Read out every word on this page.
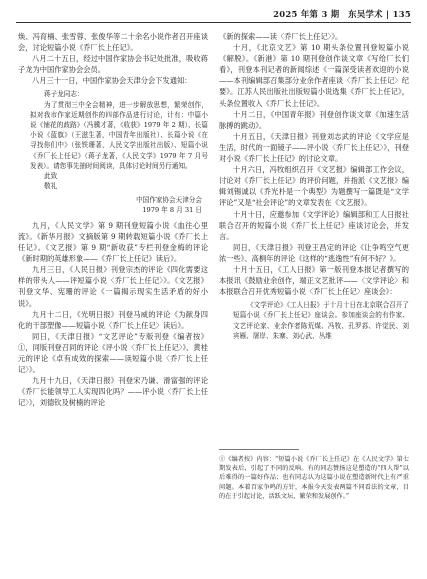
2025 年第 3 期　东吴学术 | 135

焕、冯育楠、张雪蓉、张俊华等二十余名小说作者召开座谈会，讨论短篇小说《乔厂长上任记》。

八月二十五日，经过中国作家协会书记处批准，吸收蒋子龙为中国作家协会会员。

八月三十一日，中国作家协会天津分会下发通知：

蒋子龙同志：

为了贯彻三中全会精神，进一步解放思想，繁荣创作，拟对我市作家近期创作的四部作品进行讨论，计有：中篇小说《铺花的歧路》（冯骥才著，《收获》1979 年 2 期）、长篇小说《蓝旗》（王滋生著，中国青年出版社）、长篇小说《在寻找你们中》（张铁珊著，人民文学出版社出版）、短篇小说《乔厂长上任记》（蒋子龙著，《人民文学》1979 年 7 月号发表）。请您事先抽时间阅读，具体讨论时间另行通知。

此致

敬礼

中国作家协会天津分会
1979 年 8 月 31 日

九月，《人民文学》第 9 期刊登短篇小说《血往心里流》。《新华月报》文摘版第 9 期转载短篇小说《乔厂长上任记》。《文艺报》第 9 期“新收获”专栏刊登金梅的评论《新时期的英雄形象——《乔厂长上任记》读后》。

九月三日，《人民日报》刊登宗杰的评论《四化需要这样的带头人——评短篇小说〈乔厂长上任记〉》。《文艺报》刊登文华、宪珊的评论《一篇揭示现实生活矛盾的好小说》。

九月十二日，《光明日报》刊登马威的评论《为献身四化的干部塑像——短篇小说〈乔厂长上任记〉读后》。

同日，《天津日报》“文艺评论”专版刊登《编者按》①，同版刊登召同的评论《评小说〈乔厂长上任记〉》、黄桂元的评论《卓有成效的探索——读短篇小说〈乔厂长上任记〉》。

九月十九日，《天津日报》刊登宋乃谦、滑富强的评论《乔厂长能领导工人实现四化吗？——评小说〈乔厂长上任记〉》，刘德钦及树楠的评论

《新的探索——读〈乔厂长上任记〉》。

十月，《北京文艺》第 10 期头条位置刊登短篇小说《解脱》。《新港》第 10 期刊登创作谈文章《写给厂长们看》，刊登本刊记者的新闻综述《一篇深受读者欢迎的小说——本刊编辑部召集部分业余作者座谈〈乔厂长上任记〉纪要》。江苏人民出版社出版短篇小说选集《乔厂长上任记》，头条位置收入《乔厂长上任记》。

十月二日，《中国青年报》刊登创作谈文章《加速生活脉搏的跳动》。

十月五日，《天津日报》刊登刘志武的评论《文学应是生活，时代的一面镜子——评小说〈乔厂长上任记〉》，刊登对小说《乔厂长上任记》的讨论文章。

十月六日，冯牧组织召开《文艺报》编辑部工作会议，讨论对《乔厂长上任记》的评价问题，并指派《文艺报》编辑刘锡诚以《乔光朴是一个典型》为题撰写一篇既是“文学评论”又是“社会评论”的文章发表在《文艺报》。

十月十日，应邀参加《文学评论》编辑部和工人日报社联合召开的短篇小说《乔厂长上任记》座谈讨论会，并发言。

同日，《天津日报》刊登王昌定的评论《让争鸣空气更浓一些》、高桐年的评论《这样的“逃逸性”有何不好？》。

十月十五日，《工人日报》第一版刊登本报记者撰写的本报讯《鼓励业余创作，端正文艺批评——〈文学评论〉和本报联合召开优秀短篇小说〈乔厂长上任记〉座谈会》：

《文学评论》《工人日报》于十月十日在北京联合召开了短篇小说《乔厂长上任记》座谈会。参加座谈会的有作家、文艺评论家、业余作者陈荒煤、冯牧、孔罗荪、许觉民、刘宾雁、屠岸、朱寨、刘心武、丛维

①《编者按》内容：“短篇小说《乔厂长上任记》在《人民文学》第七期发表后，引起了不同的反响。有的同志赞扬这是塑造的“四人帮”以后难得的一篇好作品；也有同志认为这篇小说在塑造新时代上有严重问题。本着百家争鸣的方针，本报今天发表两篇不同看法的文章，目的在于引起讨论，活跃文坛，繁荣和发展创作。”
